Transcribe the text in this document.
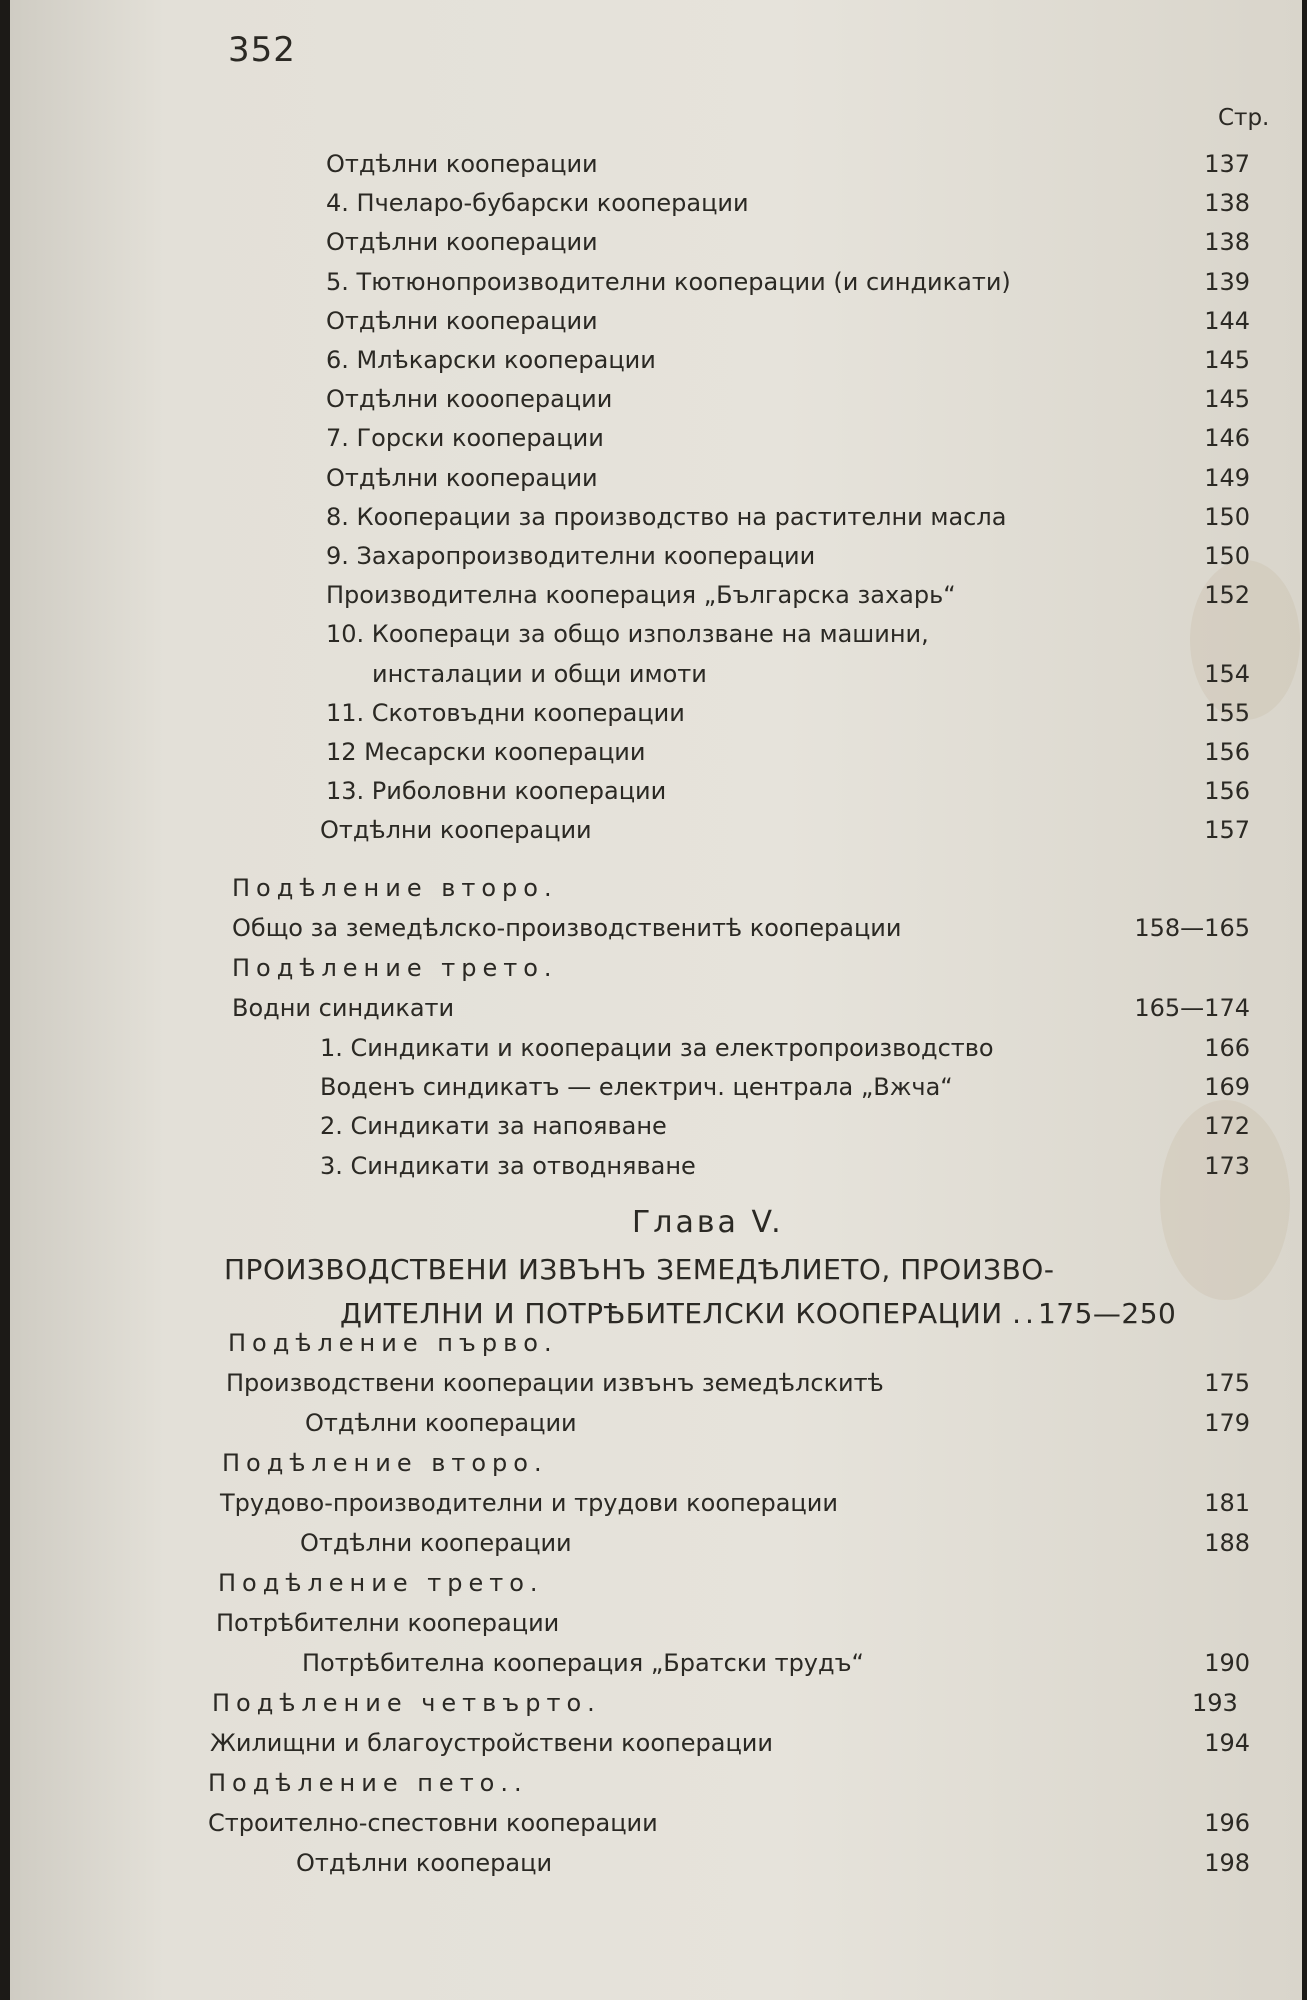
352
Стр.
Отдѣлни кооперации	137
4. Пчеларо-бубарски кооперации	138
Отдѣлни кооперации	138
5. Тютюнопроизводителни кооперации (и синдикати)	139
Отдѣлни кооперации	144
6. Млѣкарски кооперации	145
Отдѣлни коооперации	145
7. Горски кооперации	146
Отдѣлни кооперации	149
8. Кооперации за производство на растителни масла	150
9. Захаропроизводителни кооперации	150
Производителна кооперация „Българска захарь“	152
10. Коопераци за общо използване на машини,
инсталации и общи имоти	154
11. Скотовъдни кооперации	155
12 Месарски кооперации	156
13. Риболовни кооперации	156
Отдѣлни кооперации	157
Подѣление второ.
Общо за земедѣлско-производственитѣ кооперации	158—165
Подѣление трето.
Водни синдикати	165—174
1. Синдикати и кооперации за електропроизводство	166
Воденъ синдикатъ — електрич. централа „Вжча“	169
2. Синдикати за напояване	172
3. Синдикати за отводняване	173
Подѣление първо.
Производствени кооперации извънъ земедѣлскитѣ	175
Отдѣлни кооперации	179
Подѣление второ.
Трудово-производителни и трудови кооперации	181
Отдѣлни кооперации	188
Подѣление трето.
Потрѣбителни кооперации
Потрѣбителна кооперация „Братски трудъ“	190
Подѣление четвърто.	193
Жилищни и благоустройствени кооперации	194
Подѣление пето..
Строително-спестовни кооперации	196
Отдѣлни коопераци	198
Глава V.
ПРОИЗВОДСТВЕНИ ИЗВЪНЪ ЗЕМЕДѢЛИЕТО, ПРОИЗВО-
ДИТЕЛНИ И ПОТРѢБИТЕЛСКИ КООПЕРАЦИИ ..175—250
